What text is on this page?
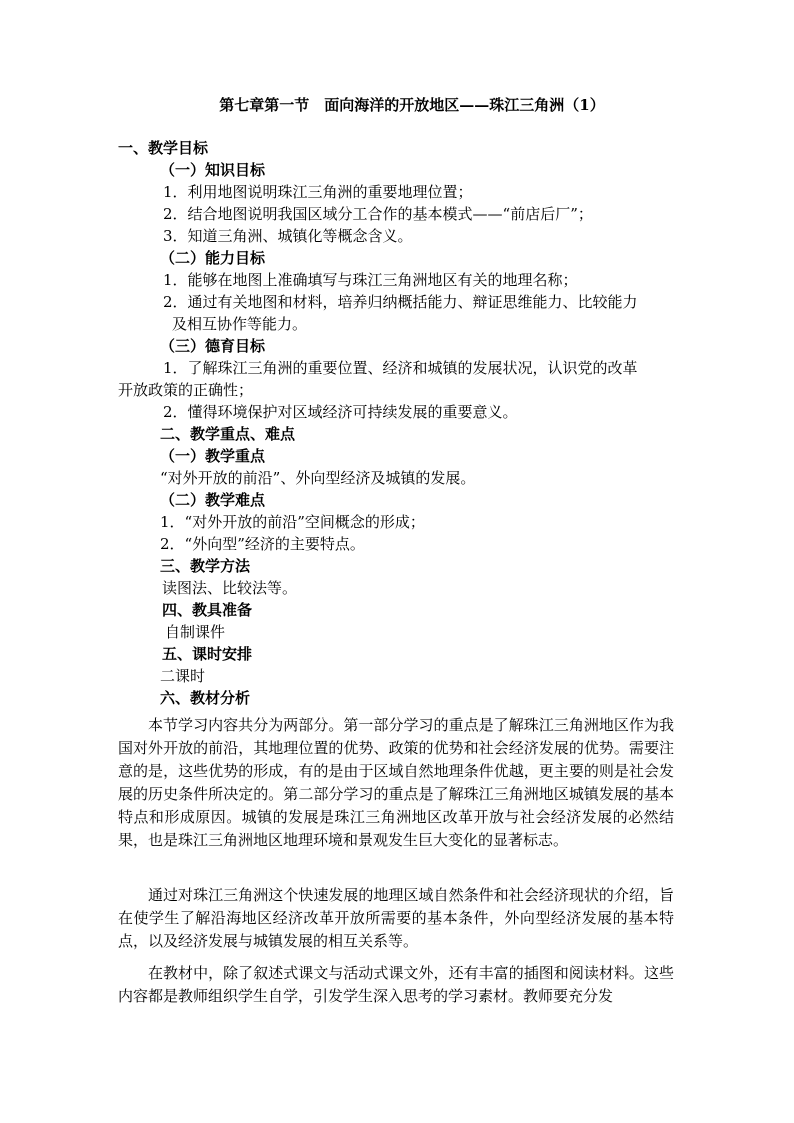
第七章第一节　面向海洋的开放地区——珠江三角洲（1）
一、教学目标
（一）知识目标
1．利用地图说明珠江三角洲的重要地理位置；
2．结合地图说明我国区域分工合作的基本模式——“前店后厂”；
3．知道三角洲、城镇化等概念含义。
（二）能力目标
1．能够在地图上准确填写与珠江三角洲地区有关的地理名称；
2．通过有关地图和材料，培养归纳概括能力、辩证思维能力、比较能力
及相互协作等能力。
（三）德育目标
1．了解珠江三角洲的重要位置、经济和城镇的发展状况，认识党的改革
开放政策的正确性；
2．懂得环境保护对区域经济可持续发展的重要意义。
二、教学重点、难点
（一）教学重点
“对外开放的前沿”、外向型经济及城镇的发展。
（二）教学难点
1．“对外开放的前沿”空间概念的形成；
2．“外向型”经济的主要特点。
三、教学方法
读图法、比较法等。
四、教具准备
自制课件
五、课时安排
二课时
六、教材分析

本节学习内容共分为两部分。第一部分学习的重点是了解珠江三角洲地区作为我国对外开放的前沿，其地理位置的优势、政策的优势和社会经济发展的优势。需要注意的是，这些优势的形成，有的是由于区域自然地理条件优越，更主要的则是社会发展的历史条件所决定的。第二部分学习的重点是了解珠江三角洲地区城镇发展的基本特点和形成原因。城镇的发展是珠江三角洲地区改革开放与社会经济发展的必然结果，也是珠江三角洲地区地理环境和景观发生巨大变化的显著标志。

通过对珠江三角洲这个快速发展的地理区域自然条件和社会经济现状的介绍，旨在使学生了解沿海地区经济改革开放所需要的基本条件，外向型经济发展的基本特点，以及经济发展与城镇发展的相互关系等。

在教材中，除了叙述式课文与活动式课文外，还有丰富的插图和阅读材料。这些内容都是教师组织学生自学，引发学生深入思考的学习素材。教师要充分发
